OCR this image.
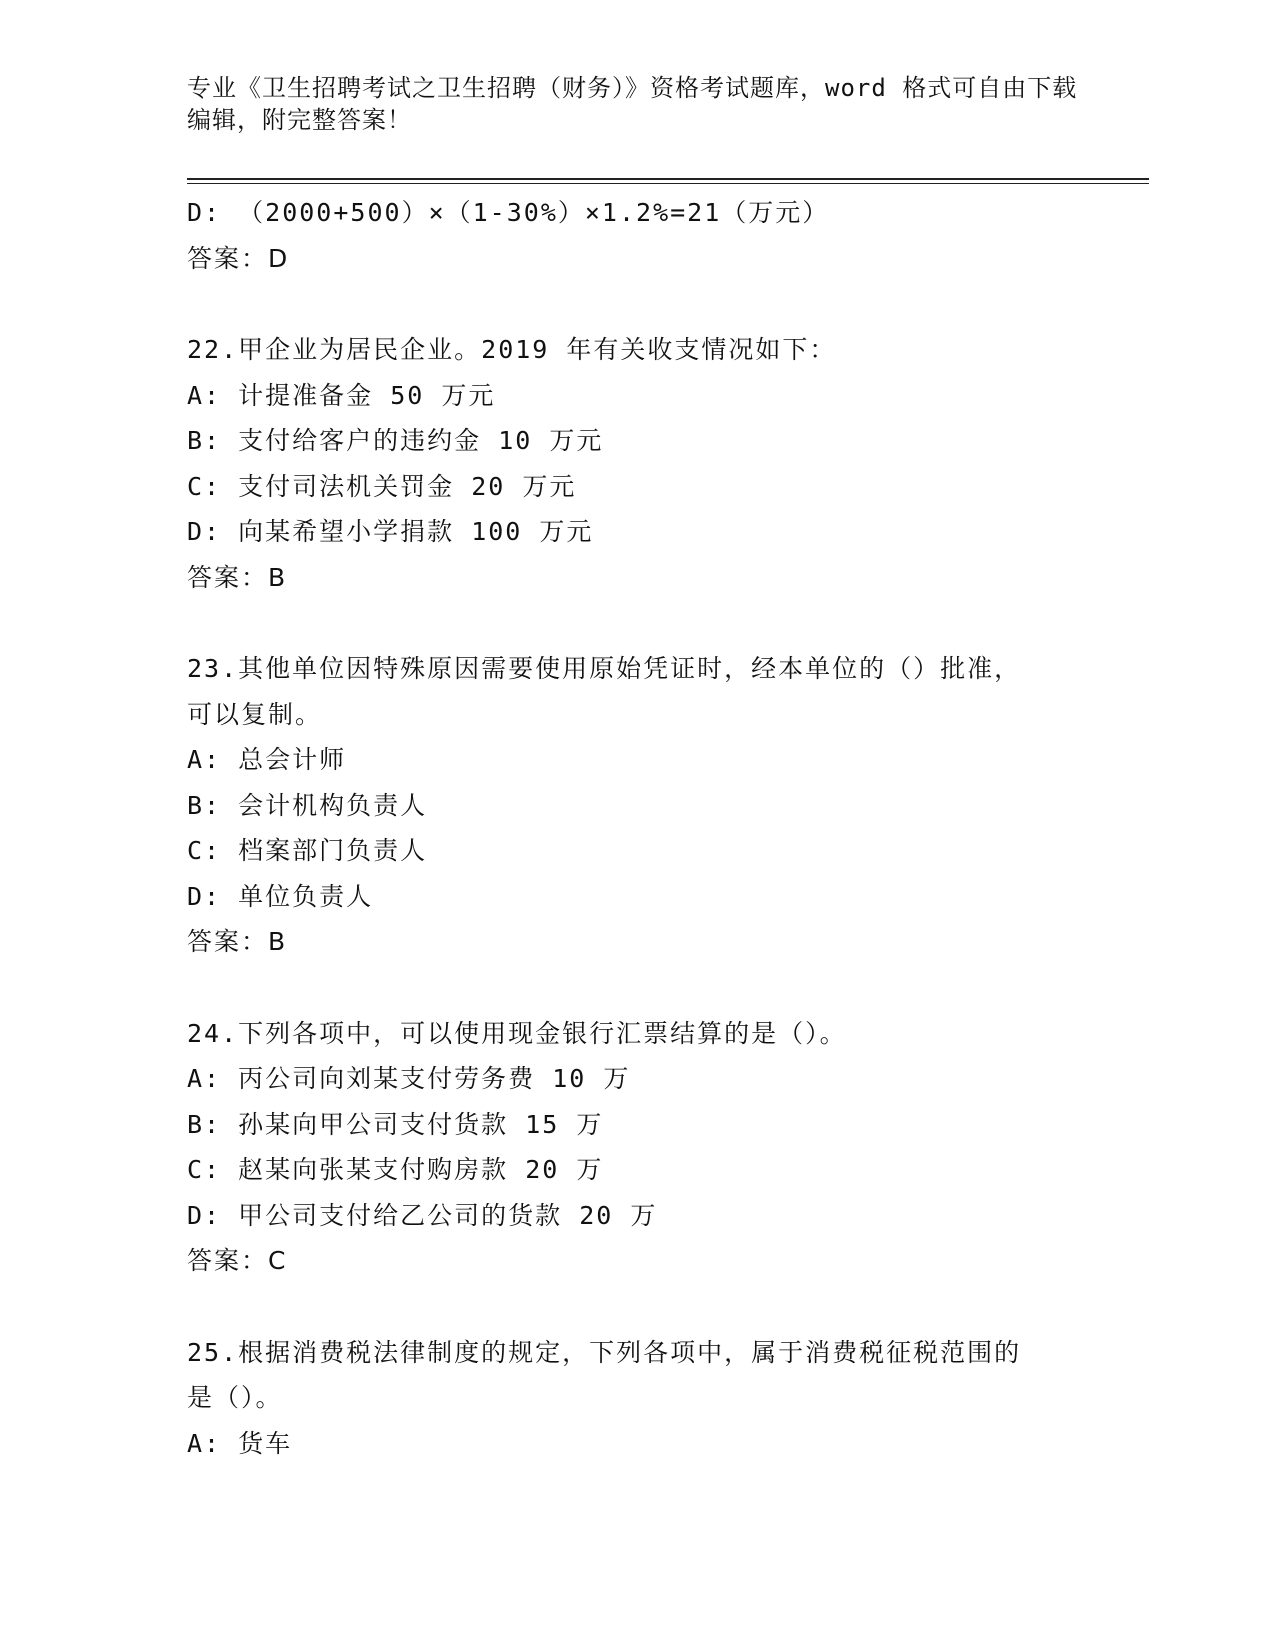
专业《卫生招聘考试之卫生招聘（财务）》资格考试题库，word 格式可自由下载
编辑，附完整答案！
D: （2000+500）×（1-30%）×1.2%=21（万元）
答案：D
22.甲企业为居民企业。2019 年有关收支情况如下：
A: 计提准备金 50 万元
B: 支付给客户的违约金 10 万元
C: 支付司法机关罚金 20 万元
D: 向某希望小学捐款 100 万元
答案：B
23.其他单位因特殊原因需要使用原始凭证时，经本单位的（）批准，
可以复制。
A: 总会计师
B: 会计机构负责人
C: 档案部门负责人
D: 单位负责人
答案：B
24.下列各项中，可以使用现金银行汇票结算的是（）。
A: 丙公司向刘某支付劳务费 10 万
B: 孙某向甲公司支付货款 15 万
C: 赵某向张某支付购房款 20 万
D: 甲公司支付给乙公司的货款 20 万
答案：C
25.根据消费税法律制度的规定，下列各项中，属于消费税征税范围的
是（）。
A: 货车
